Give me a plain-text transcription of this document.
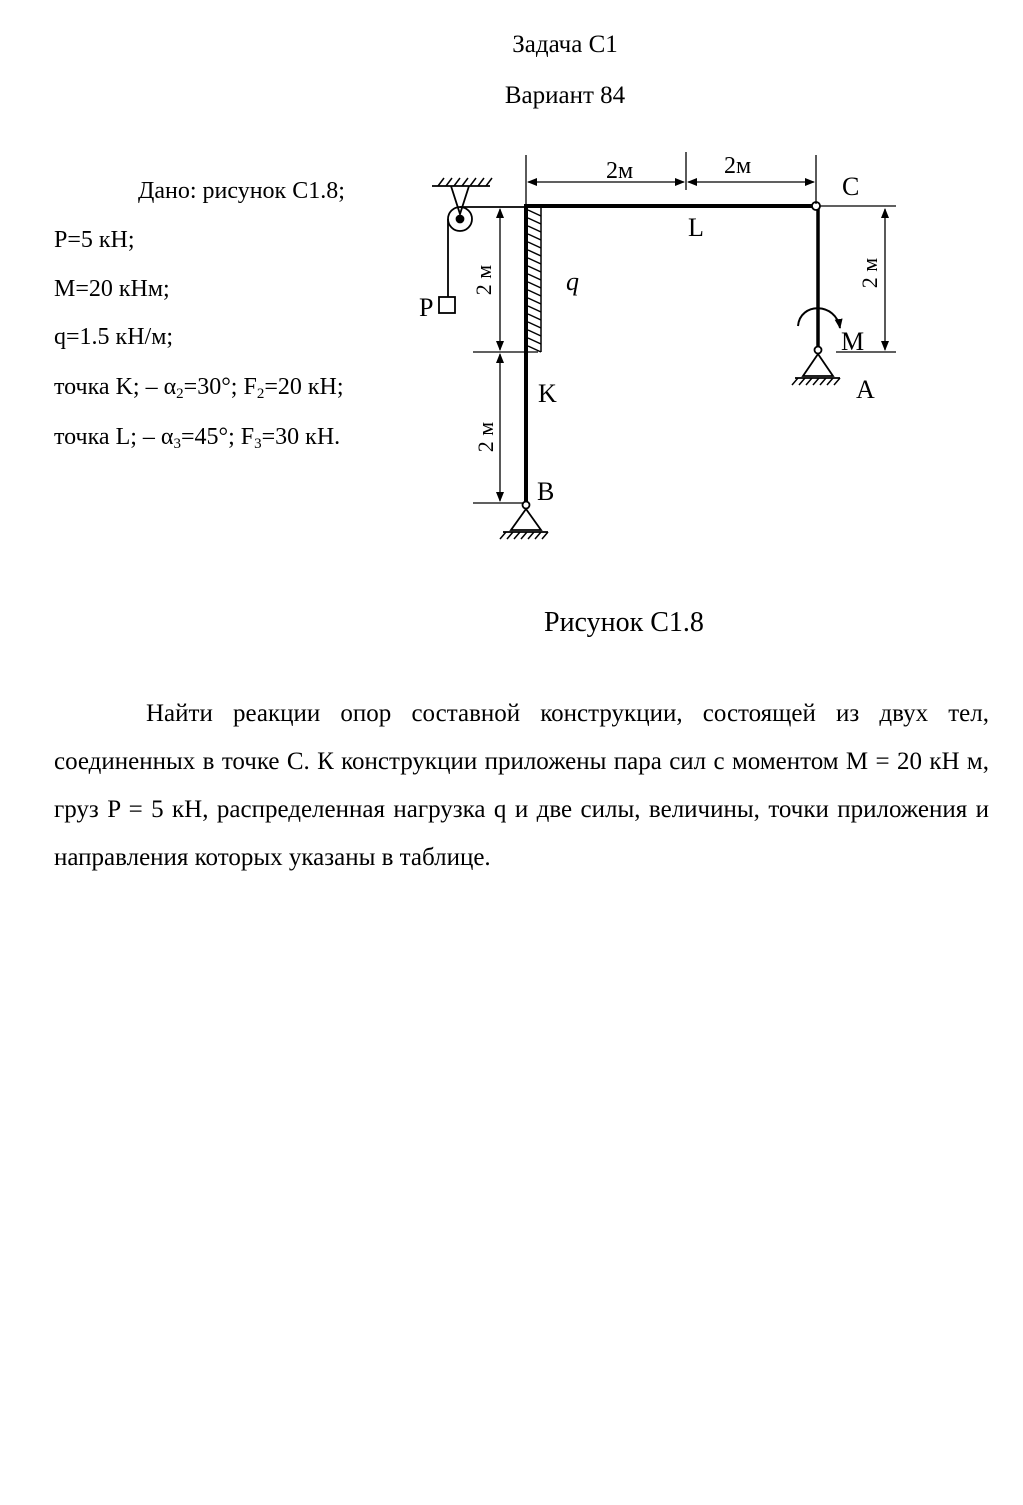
Задача С1
Вариант 84
Дано: рисунок С1.8;
P=5 кН;
M=20 кНм;
q=1.5 кН/м;
точка K; – $\alpha_2=30^\circ$; $F_2=20$ кН;
точка L; – $\alpha_3=45^\circ$; $F_3=30$ кН.
2м	2м
2 м
2 м
2 м
C
L
q
P
M
A
K
B
Рисунок С1.8
Найти реакции опор составной конструкции, состоящей из двух тел, соединенных в точке С. К конструкции приложены пара сил с моментом M = 20 кН м, груз P = 5 кН, распределенная нагрузка q и две силы, величины, точки приложения и направления которых указаны в таблице.
